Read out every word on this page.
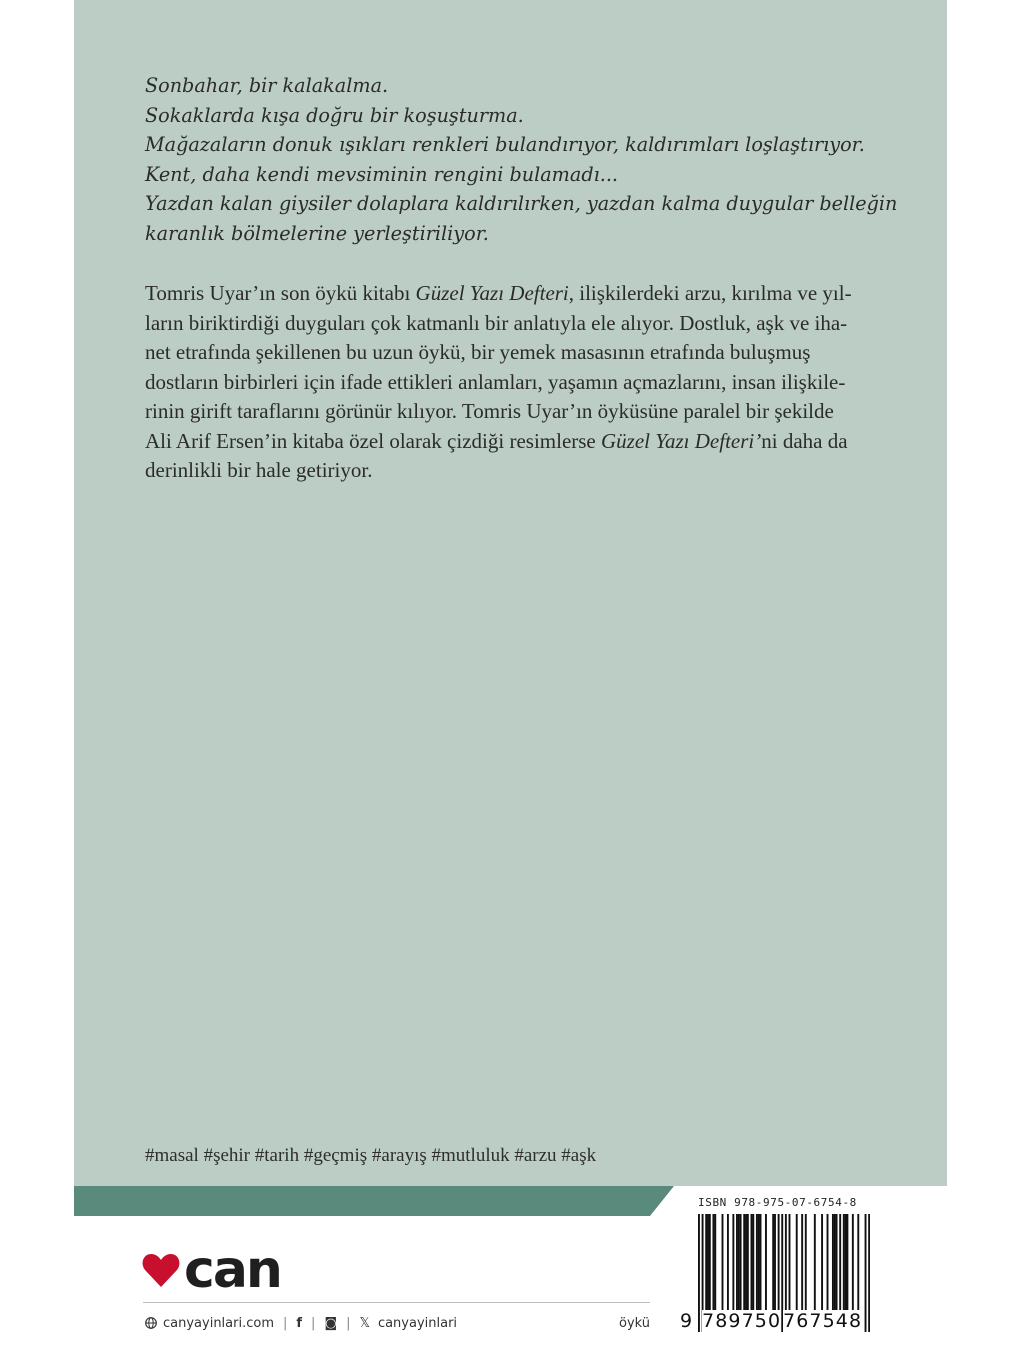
Sonbahar, bir kalakalma.
Sokaklarda kışa doğru bir koşuşturma.
Mağazaların donuk ışıkları renkleri bulandırıyor, kaldırımları loşlaştırıyor.
Kent, daha kendi mevsiminin rengini bulamadı...
Yazdan kalan giysiler dolaplara kaldırılırken, yazdan kalma duygular belleğin
karanlık bölmelerine yerleştiriliyor.
Tomris Uyar’ın son öykü kitabı Güzel Yazı Defteri, ilişkilerdeki arzu, kırılma ve yıl-
ların biriktirdiği duyguları çok katmanlı bir anlatıyla ele alıyor. Dostluk, aşk ve iha-
net etrafında şekillenen bu uzun öykü, bir yemek masasının etrafında buluşmuş
dostların birbirleri için ifade ettikleri anlamları, yaşamın açmazlarını, insan ilişkile-
rinin girift taraflarını görünür kılıyor. Tomris Uyar’ın öyküsüne paralel bir şekilde
Ali Arif Ersen’in kitaba özel olarak çizdiği resimlerse Güzel Yazı Defteri’ni daha da
derinlikli bir hale getiriyor.
#masal #şehir #tarih #geçmiş #arayış #mutluluk #arzu #aşk
can
canyayinlari.com | f | ◙ | 𝕏 canyayinlari	öykü
ISBN 978-975-07-6754-8
9 789750 767548
